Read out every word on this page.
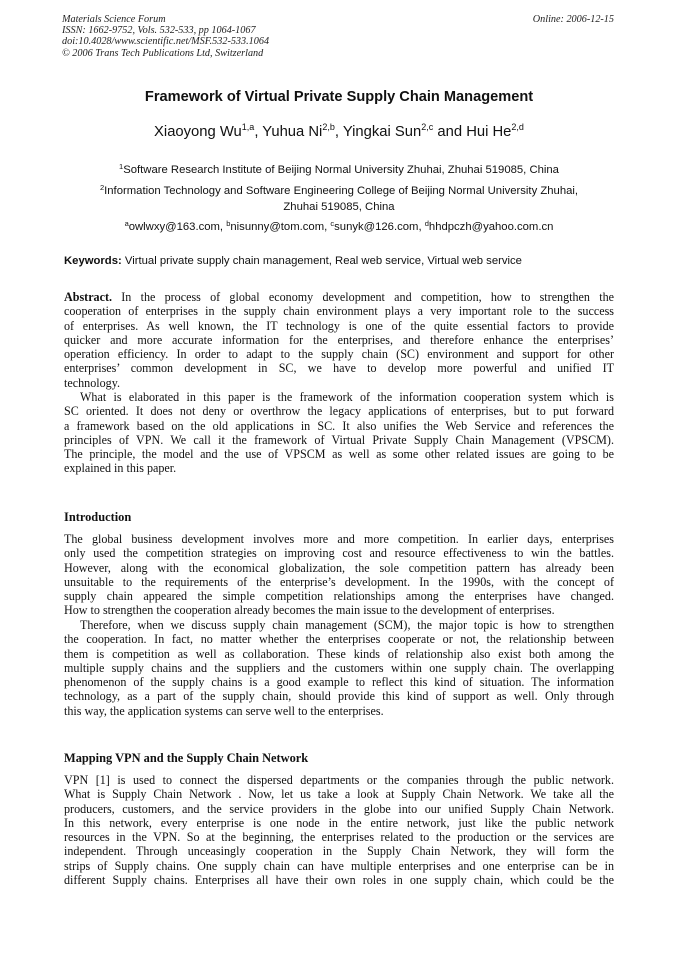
Materials Science Forum
ISSN: 1662-9752, Vols. 532-533, pp 1064-1067
doi:10.4028/www.scientific.net/MSF.532-533.1064
© 2006 Trans Tech Publications Ltd, Switzerland
Online: 2006-12-15
Framework of Virtual Private Supply Chain Management
Xiaoyong Wu$^{1,a}$, Yuhua Ni$^{2,b}$, Yingkai Sun$^{2,c}$ and Hui He$^{2,d}$
$^1$Software Research Institute of Beijing Normal University Zhuhai, Zhuhai 519085, China
$^2$Information Technology and Software Engineering College of Beijing Normal University Zhuhai,
Zhuhai 519085, China
$^a$owlwxy@163.com, $^b$nisunny@tom.com, $^c$sunyk@126.com, $^d$hhdpczh@yahoo.com.cn
Keywords: Virtual private supply chain management, Real web service, Virtual web service
Abstract. In the process of global economy development and competition, how to strengthen the
cooperation of enterprises in the supply chain environment plays a very important role to the success
of enterprises. As well known, the IT technology is one of the quite essential factors to provide
quicker and more accurate information for the enterprises, and therefore enhance the enterprises’
operation efficiency. In order to adapt to the supply chain (SC) environment and support for other
enterprises’ common development in SC, we have to develop more powerful and unified IT
technology.
What is elaborated in this paper is the framework of the information cooperation system which is
SC oriented. It does not deny or overthrow the legacy applications of enterprises, but to put forward
a framework based on the old applications in SC. It also unifies the Web Service and references the
principles of VPN. We call it the framework of Virtual Private Supply Chain Management (VPSCM).
The principle, the model and the use of VPSCM as well as some other related issues are going to be
explained in this paper.
Introduction
The global business development involves more and more competition. In earlier days, enterprises
only used the competition strategies on improving cost and resource effectiveness to win the battles.
However, along with the economical globalization, the sole competition pattern has already been
unsuitable to the requirements of the enterprise’s development. In the 1990s, with the concept of
supply chain appeared the simple competition relationships among the enterprises have changed.
How to strengthen the cooperation already becomes the main issue to the development of enterprises.
Therefore, when we discuss supply chain management (SCM), the major topic is how to strengthen
the cooperation. In fact, no matter whether the enterprises cooperate or not, the relationship between
them is competition as well as collaboration. These kinds of relationship also exist both among the
multiple supply chains and the suppliers and the customers within one supply chain. The overlapping
phenomenon of the supply chains is a good example to reflect this kind of situation. The information
technology, as a part of the supply chain, should provide this kind of support as well. Only through
this way, the application systems can serve well to the enterprises.
Mapping VPN and the Supply Chain Network
VPN [1] is used to connect the dispersed departments or the companies through the public network.
What is Supply Chain Network . Now, let us take a look at Supply Chain Network. We take all the
producers, customers, and the service providers in the globe into our unified Supply Chain Network.
In this network, every enterprise is one node in the entire network, just like the public network
resources in the VPN. So at the beginning, the enterprises related to the production or the services are
independent. Through unceasingly cooperation in the Supply Chain Network, they will form the
strips of Supply chains. One supply chain can have multiple enterprises and one enterprise can be in
different Supply chains. Enterprises all have their own roles in one supply chain, which could be the
